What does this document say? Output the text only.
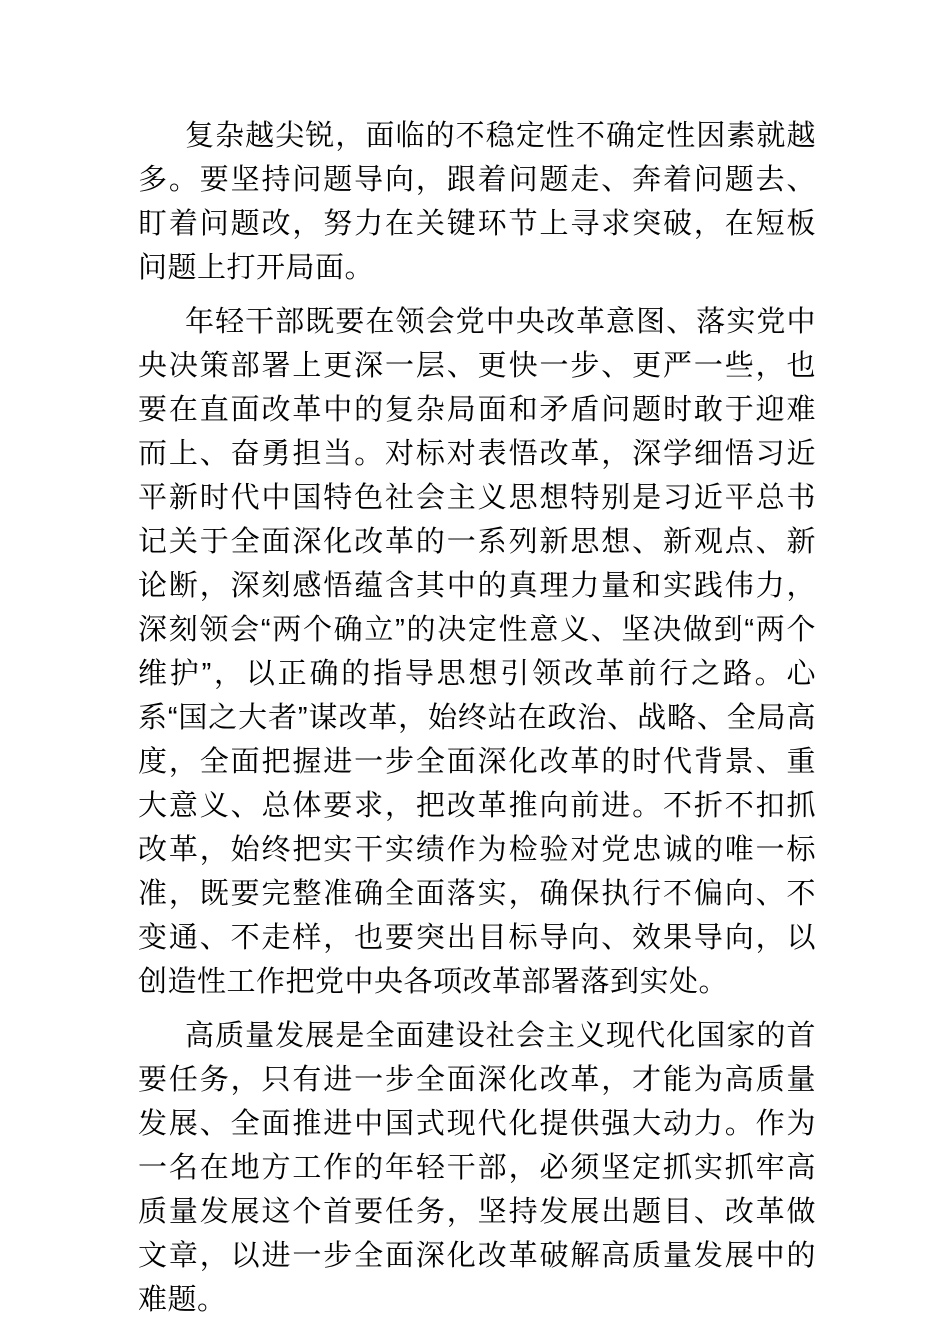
复杂越尖锐，面临的不稳定性不确定性因素就越多。要坚持问题导向，跟着问题走、奔着问题去、盯着问题改，努力在关键环节上寻求突破，在短板问题上打开局面。

年轻干部既要在领会党中央改革意图、落实党中央决策部署上更深一层、更快一步、更严一些，也要在直面改革中的复杂局面和矛盾问题时敢于迎难而上、奋勇担当。对标对表悟改革，深学细悟习近平新时代中国特色社会主义思想特别是习近平总书记关于全面深化改革的一系列新思想、新观点、新论断，深刻感悟蕴含其中的真理力量和实践伟力，深刻领会“两个确立”的决定性意义、坚决做到“两个维护”，以正确的指导思想引领改革前行之路。心系“国之大者”谋改革，始终站在政治、战略、全局高度，全面把握进一步全面深化改革的时代背景、重大意义、总体要求，把改革推向前进。不折不扣抓改革，始终把实干实绩作为检验对党忠诚的唯一标准，既要完整准确全面落实，确保执行不偏向、不变通、不走样，也要突出目标导向、效果导向，以创造性工作把党中央各项改革部署落到实处。

高质量发展是全面建设社会主义现代化国家的首要任务，只有进一步全面深化改革，才能为高质量发展、全面推进中国式现代化提供强大动力。作为一名在地方工作的年轻干部，必须坚定抓实抓牢高质量发展这个首要任务，坚持发展出题目、改革做文章，以进一步全面深化改革破解高质量发展中的难题。
